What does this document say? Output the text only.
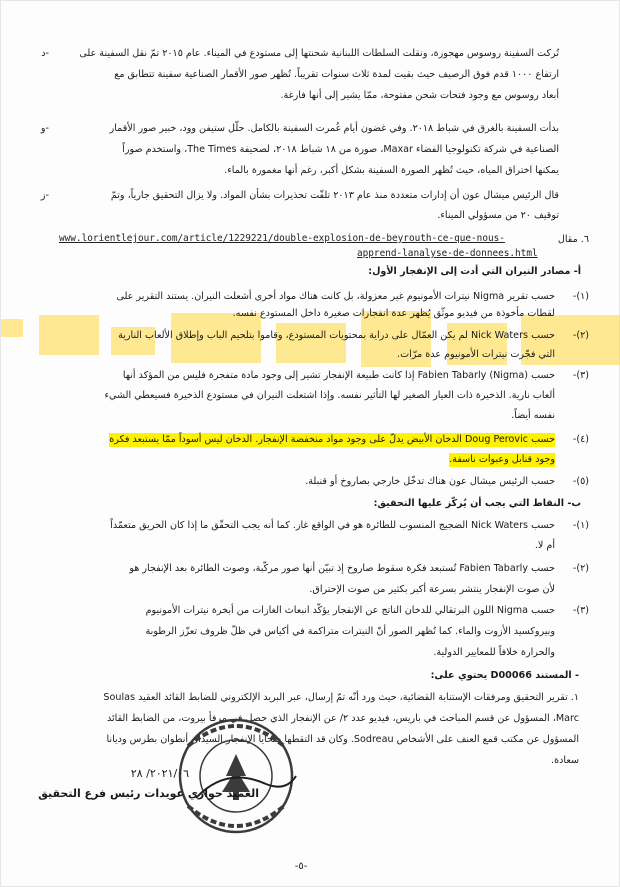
-د	تُركت السفينة روسوس مهجورة، ونقلت السلطات اللبنانية شحنتها إلى مستودع في الميناء. عام ٢٠١٥ تمّ نقل السفينة على
ارتفاع ١٠٠٠ قدم فوق الرصيف حيث بقيت لمدة ثلاث سنوات تقريباً. تُظهر صور الأقمار الصناعية سفينة تتطابق مع
أبعاد روسوس مع وجود فتحات شحن مفتوحة، ممّا يشير إلى أنها فارغة.
-و	بدأت السفينة بالغرق في شباط ٢٠١٨. وفي غضون أيام غُمرت السفينة بالكامل. حلّل ستيفن وود، خبير صور الأقمار
الصناعية في شركة تكنولوجيا الفضاء Maxar، صورة من ١٨ شباط ٢٠١٨، لصحيفة The Times، واستخدم صوراً
يمكنها اختراق المياه، حيث تُظهر الصورة السفينة بشكل أكبر، رغم أنها مغمورة بالماء.
-ز	قال الرئيس ميشال عون أن إدارات متعددة منذ عام ٢٠١٣ تلقّت تحذيرات بشأن المواد. ولا يزال التحقيق جارياً، وتمّ
توقيف ٢٠ من مسؤولي الميناء.
٦. مقال
www.lorientlejour.com/article/1229221/double-explosion-de-beyrouth-ce-que-nous-
apprend-lanalyse-de-donnees.html
أ- مصادر النيران التي أدت إلى الإنفجار الأول:
(١)-
حسب تقرير Nigma نيترات الأمونيوم غير معزولة، بل كانت هناك مواد أخرى أشعلت النيران. يستند التقرير على
لقطات مأخوذة من فيديو موثّق يُظهر عدة انفجارات صغيرة داخل المستودع نفسه.
(٢)-
حسب Nick Waters لم يكن العمّال على دراية بمحتويات المستودع، وقاموا بتلحيم الباب وإطلاق الألعاب النارية
التي فجّرت نيترات الأمونيوم عدة مرّات.
(٣)-
حسب (Fabien Tabarly (Nigma إذا كانت طبيعة الإنفجار تشير إلى وجود مادة متفجرة فليس من المؤكد أنها
ألعاب نارية. الذخيرة ذات العيار الصغير لها التأثير نفسه. وإذا اشتعلت النيران في مستودع الذخيرة فسيعطي الشيء
نفسه أيضاً.
(٤)-
حسب Doug Perovic الدخان الأبيض يدلّ على وجود مواد منخفضة الإنفجار. الدخان ليس أسوداً ممّا يستبعد فكرة
وجود قنابل وعبوات ناسفة.
(٥)-
حسب الرئيس ميشال عون هناك تدخّل خارجي بصاروخ أو قنبلة.
ب- النقاط التي يجب أن يُركّز عليها التحقيق:
(١)-
حسب Nick Waters الضجيج المنسوب للطائرة هو في الواقع غاز. كما أنه يجب التحقّق ما إذا كان الحريق متعمّداً
أم لا.
(٢)-
حسب Fabien Tabarly تُستبعد فكرة سقوط صاروخ إذ تبيّن أنها صور مركّبة، وصوت الطائرة بعد الإنفجار هو
لأن صوت الإنفجار ينتشر بسرعة أكبر بكثير من صوت الإحتراق.
(٣)-
حسب Nigma اللون البرتقالي للدخان الناتج عن الإنفجار يؤكّد انبعاث الغازات من أبخرة نيترات الأمونيوم
وبيروكسيد الأزوت والماء. كما تُظهر الصور أنّ النيترات متراكمة في أكياس في ظلّ ظروف تعزّز الرطوبة
والحرارة خلافاً للمعايير الدولية.
- المستند D00066 يحتوي على:
١. تقرير التحقيق ومرفقات الإستنابة القضائية، حيث ورد أنّه تمّ إرسال، عبر البريد الإلكتروني للضابط القائد العقيد Soulas
Marc، المسؤول عن قسم المباحث في باريس، فيديو عدد ٢/ عن الإنفجار الذي حصل في مرفأ بيروت، من الضابط القائد
المسؤول عن مكتب قمع العنف على الأشخاص Sodreau. وكان قد التقطها ضحايا الإنفجار السيدان أنطوان بطرس وديانا
سعادة.
٢٠٢١/٠٦/ ٢٨
العميد حواري عويدات رئيس فرع التحقيق
-٥-
